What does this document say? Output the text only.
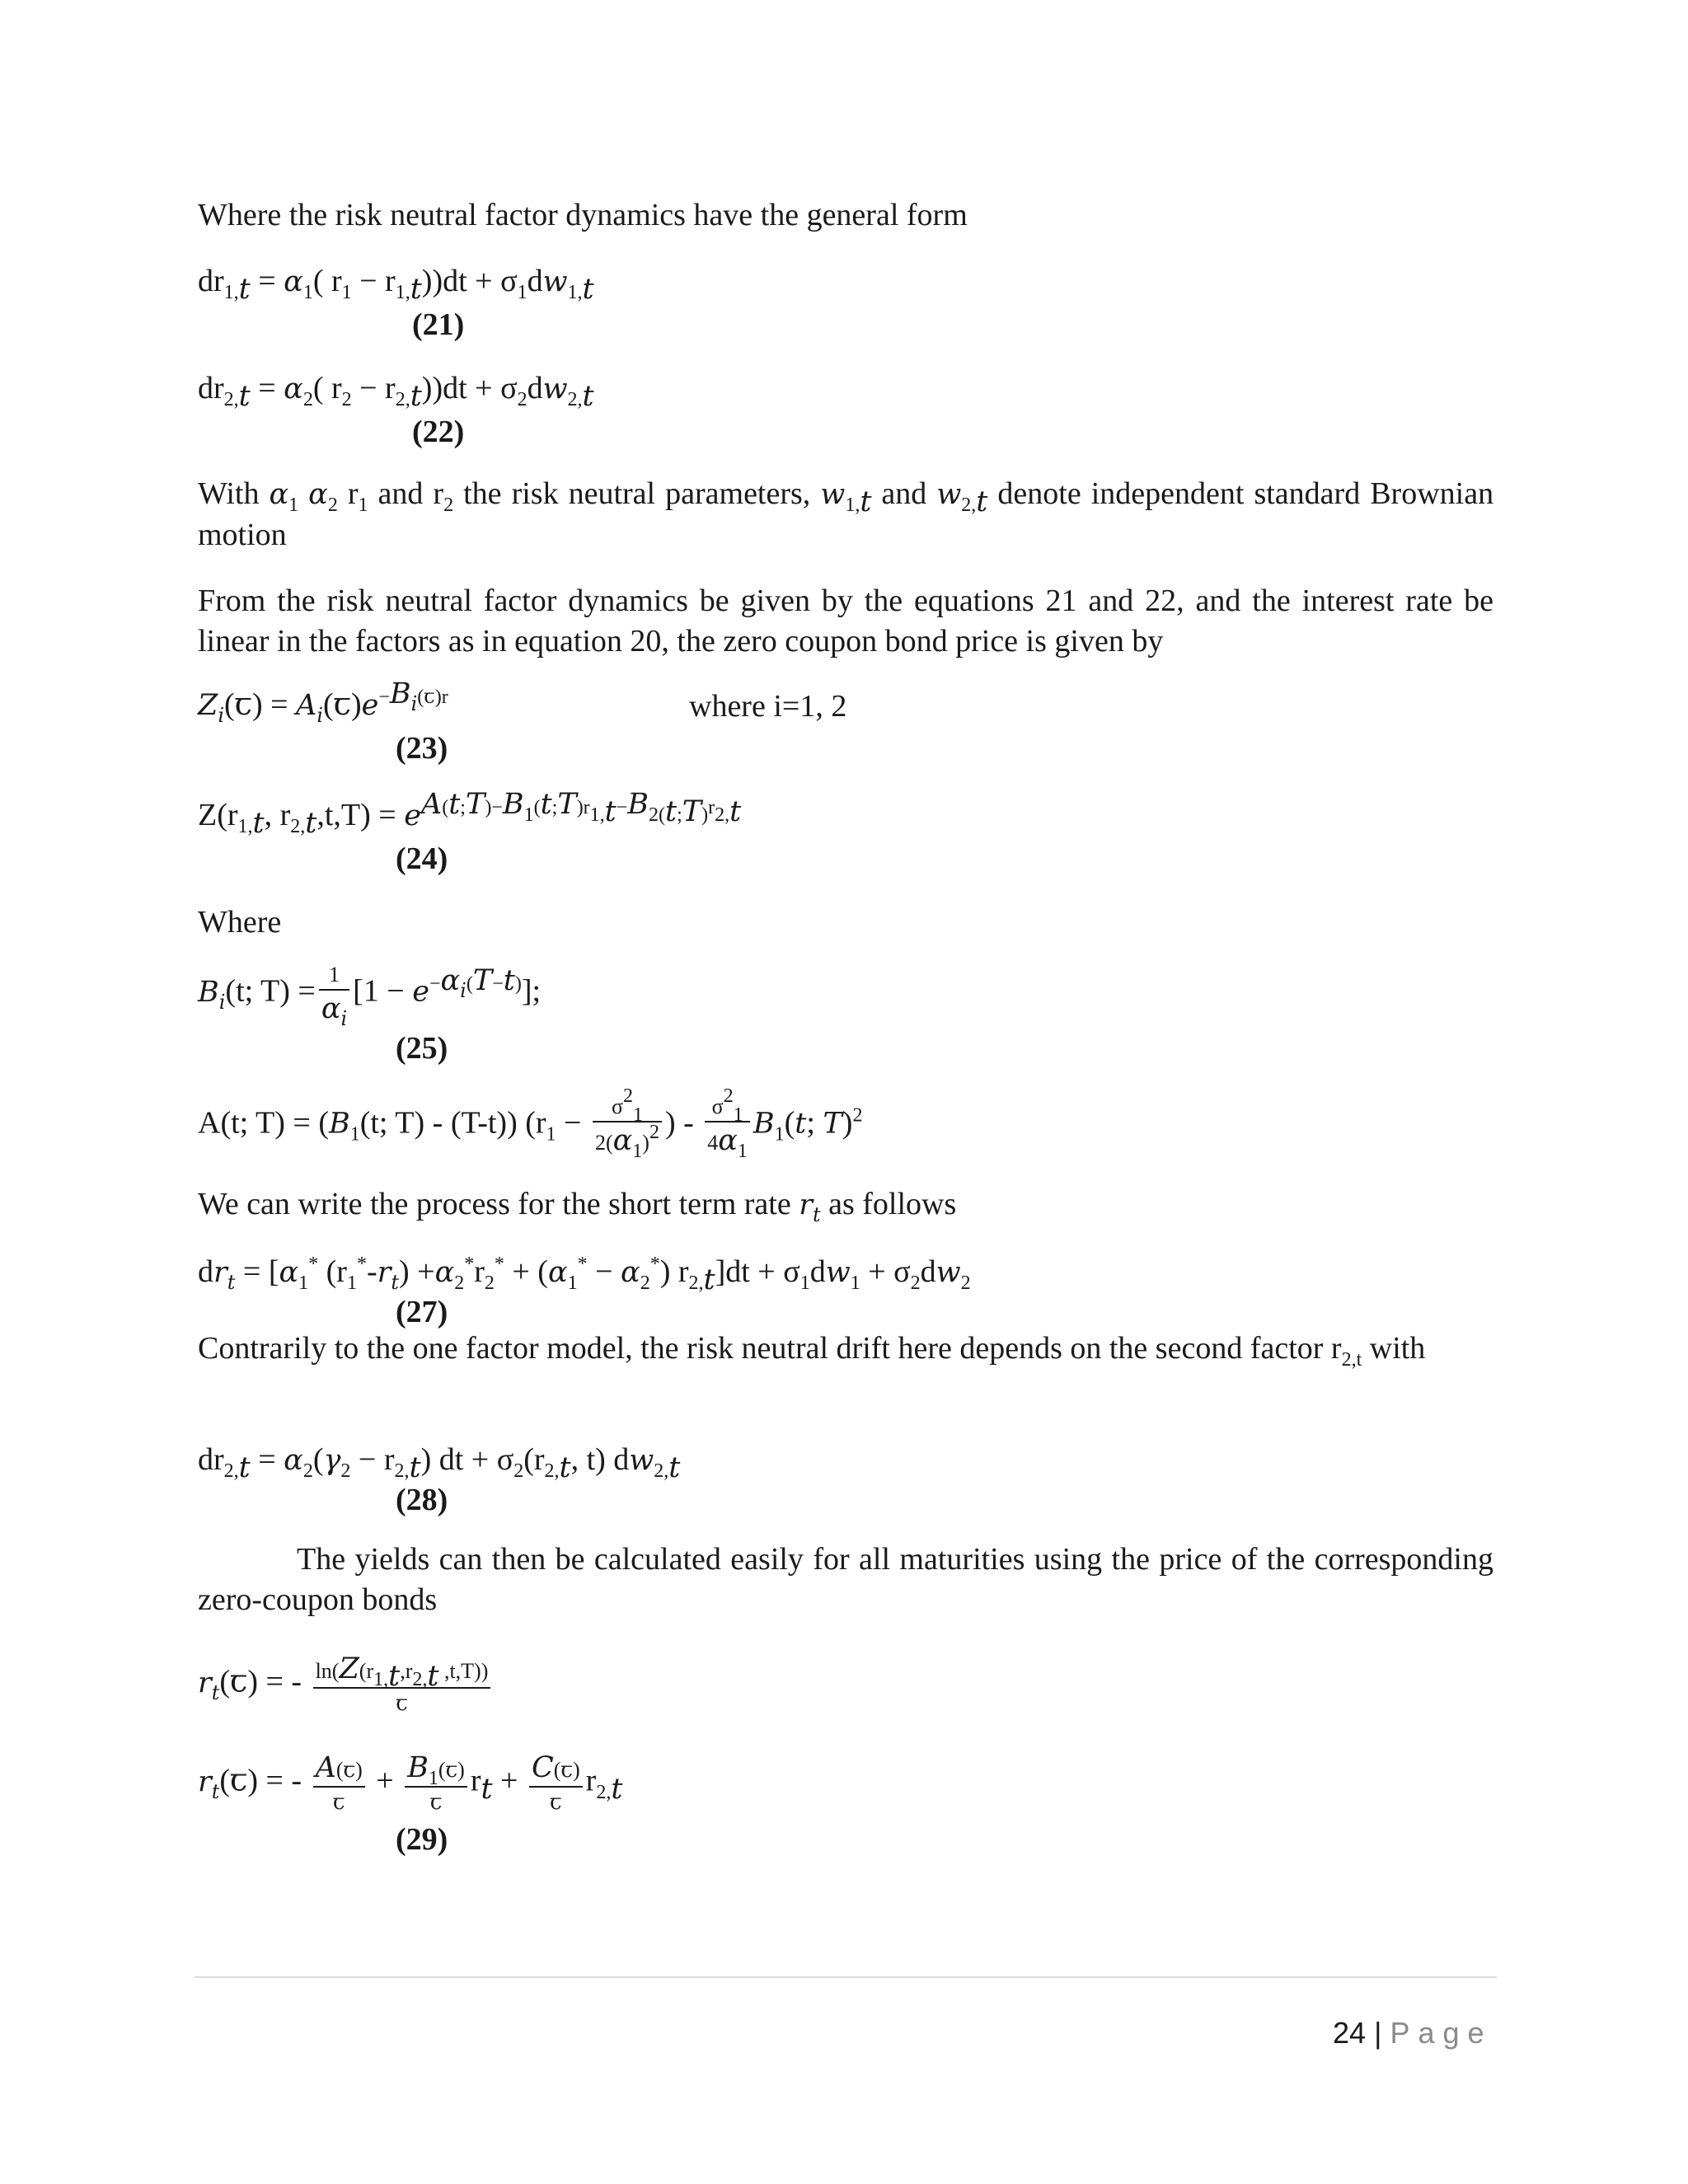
Where the risk neutral factor dynamics have the general form
$dr_{1,t} = \alpha_1$( $r_1 - r_{1,t}))dt + \sigma_1dw_{1,t}$
(21)
$dr_{2,t} = \alpha_2$( $r_2 - r_{2,t}))dt + \sigma_2dw_{2,t}$
(22)
With $\alpha_1$ $\alpha_2$ $r_1$ and $r_2$ the risk neutral parameters, $w_{1,t}$ and $w_{2,t}$ denote independent standard Brownian motion
From the risk neutral factor dynamics be given by the equations 21 and 22, and the interest rate be linear in the factors as in equation 20, the zero coupon bond price is given by
$Z_i(ꞇ)$ = $A_i(ꞇ)e^{-B_i(ꞇ)r}$	where i=1, 2
(23)
$Z(r_{1,t}$, $r_{2,t},t,T) = e^{A(t;T)-B_1(t;T)r_{1,t}-B_{2(t;T)}r_{2,t}}$
(24)
Where
$B_i(t$; $T) = \frac{1}{\alpha_i} [1 - e^{-\alpha_i(T-t)}]$;
(25)
A(t; $T) = (B_1(t$; T) - (T-t)) ($r_1 - \frac{\sigma^2_1}{2(\alpha_1)^2}$ ) - $\frac{\sigma^2_1}{4\alpha_1} B_1(t$; T)$^2$
We can write the process for the short term rate $r_t$ as follows
$dr_t = [\alpha_1^*$ $(r_1^*-r_t) +\alpha_2^*r_2^* + (\alpha_1^* - \alpha_2^*) r_{2,t}]dt + \sigma_1dw_1 + \sigma_2dw_2$
(27)
Contrarily to the one factor model, the risk neutral drift here depends on the second factor $r_{2,t}$ with
$dr_{2,t} = \alpha_2(\gamma_2 - r_{2,t})$ dt + $\sigma_2(r_{2,t}$, t) $dw_{2,t}$
(28)
The yields can then be calculated easily for all maturities using the price of the corresponding zero-coupon bonds
$r_t(ꞇ)$ = - $\frac{\ln(Z(r_{1,t},r_{2,t} ,t,T))}{\text{ꞇ}}$
$r_t(ꞇ)$ = - $\frac{\text{A(ꞇ)}}{\text{ꞇ}} + \frac{B_1(ꞇ)}{\text{ꞇ}} r_t + \frac{\text{C(ꞇ)}}{\text{ꞇ}} r_{2,t}$
(29)
24 | Page
